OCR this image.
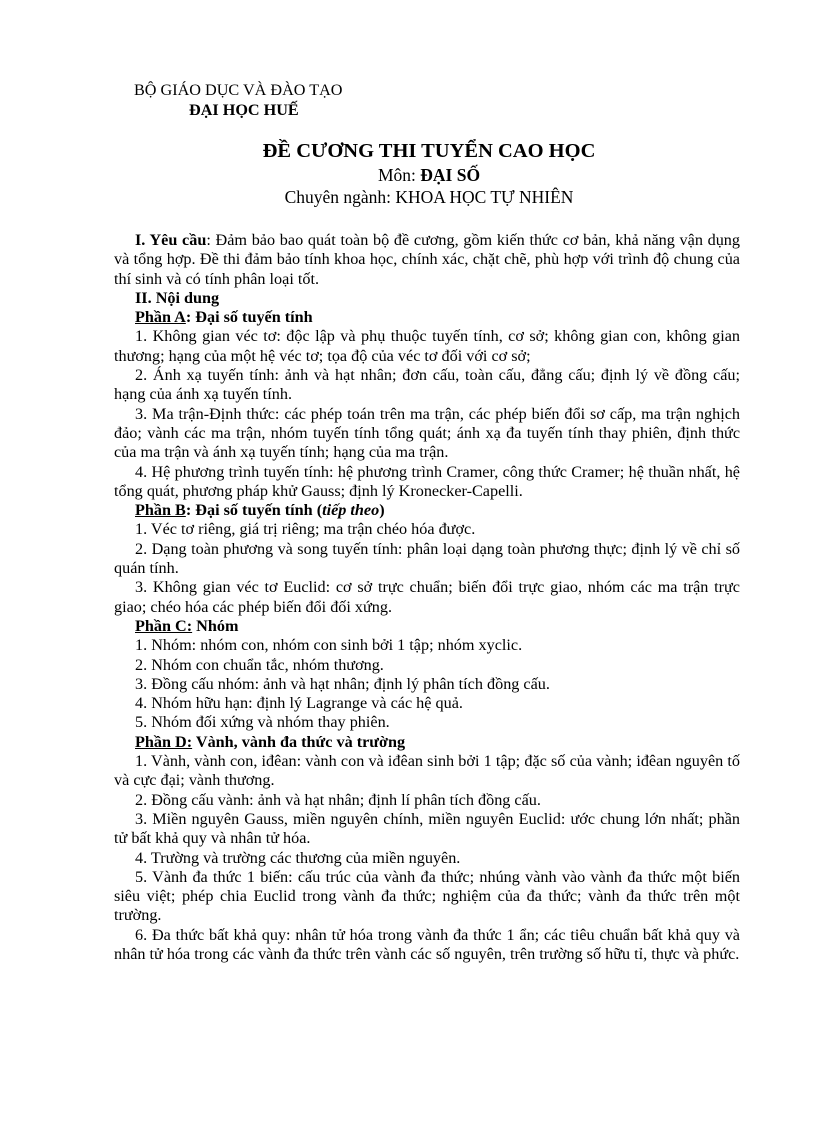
BỘ GIÁO DỤC VÀ ĐÀO TẠO
ĐẠI HỌC HUẾ
ĐỀ CƯƠNG THI TUYỂN CAO HỌC
Môn: ĐẠI SỐ
Chuyên ngành: KHOA HỌC TỰ NHIÊN

I. Yêu cầu: Đảm bảo bao quát toàn bộ đề cương, gồm kiến thức cơ bản, khả năng vận dụng và tổng hợp. Đề thi đảm bảo tính khoa học, chính xác, chặt chẽ, phù hợp với trình độ chung của thí sinh và có tính phân loại tốt.

II. Nội dung

Phần A: Đại số tuyến tính

1. Không gian véc tơ: độc lập và phụ thuộc tuyến tính, cơ sở; không gian con, không gian thương; hạng của một hệ véc tơ; tọa độ của véc tơ đối với cơ sở;

2. Ánh xạ tuyến tính: ảnh và hạt nhân; đơn cấu, toàn cấu, đẳng cấu; định lý về đồng cấu; hạng của ánh xạ tuyến tính.

3. Ma trận-Định thức: các phép toán trên ma trận, các phép biến đổi sơ cấp, ma trận nghịch đảo; vành các ma trận, nhóm tuyến tính tổng quát; ánh xạ đa tuyến tính thay phiên, định thức của ma trận và ánh xạ tuyến tính; hạng của ma trận.

4. Hệ phương trình tuyến tính: hệ phương trình Cramer, công thức Cramer; hệ thuần nhất, hệ tổng quát, phương pháp khử Gauss; định lý Kronecker-Capelli.

Phần B: Đại số tuyến tính (tiếp theo)

1. Véc tơ riêng, giá trị riêng; ma trận chéo hóa được.

2. Dạng toàn phương và song tuyến tính: phân loại dạng toàn phương thực; định lý về chỉ số quán tính.

3. Không gian véc tơ Euclid: cơ sở trực chuẩn; biến đổi trực giao, nhóm các ma trận trực giao; chéo hóa các phép biến đổi đối xứng.

Phần C: Nhóm

1. Nhóm: nhóm con, nhóm con sinh bởi 1 tập; nhóm xyclic.

2. Nhóm con chuẩn tắc, nhóm thương.

3. Đồng cấu nhóm: ảnh và hạt nhân; định lý phân tích đồng cấu.

4. Nhóm hữu hạn: định lý Lagrange và các hệ quả.

5. Nhóm đối xứng và nhóm thay phiên.

Phần D: Vành, vành đa thức và trường

1. Vành, vành con, iđêan: vành con và iđêan sinh bởi 1 tập; đặc số của vành; iđêan nguyên tố và cực đại; vành thương.

2. Đồng cấu vành: ảnh và hạt nhân; định lí phân tích đồng cấu.

3. Miền nguyên Gauss, miền nguyên chính, miền nguyên Euclid: ước chung lớn nhất; phần tử bất khả quy và nhân tử hóa.

4. Trường và trường các thương của miền nguyên.

5. Vành đa thức 1 biến: cấu trúc của vành đa thức; nhúng vành vào vành đa thức một biến siêu việt; phép chia Euclid trong vành đa thức; nghiệm của đa thức; vành đa thức trên một trường.

6. Đa thức bất khả quy: nhân tử hóa trong vành đa thức 1 ẩn; các tiêu chuẩn bất khả quy và nhân tử hóa trong các vành đa thức trên vành các số nguyên, trên trường số hữu tỉ, thực và phức.
